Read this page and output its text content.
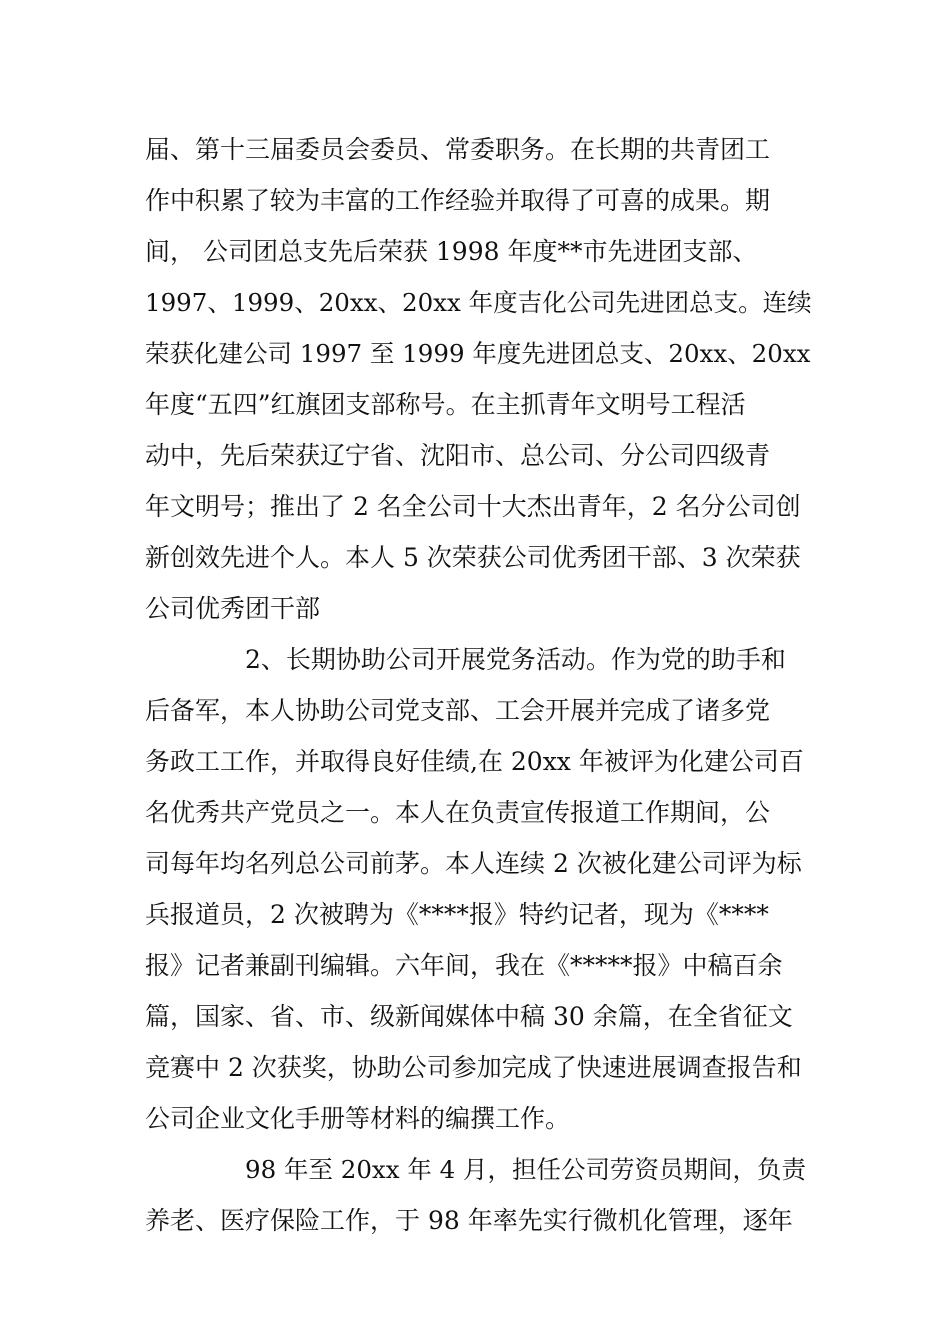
届、第十三届委员会委员、常委职务。在长期的共青团工
作中积累了较为丰富的工作经验并取得了可喜的成果。期
间， 公司团总支先后荣获 1998 年度**市先进团支部、
1997、1999、20xx、20xx 年度吉化公司先进团总支。连续
荣获化建公司 1997 至 1999 年度先进团总支、20xx、20xx
年度“五四”红旗团支部称号。在主抓青年文明号工程活
动中，先后荣获辽宁省、沈阳市、总公司、分公司四级青
年文明号；推出了 2 名全公司十大杰出青年，2 名分公司创
新创效先进个人。本人 5 次荣获公司优秀团干部、3 次荣获
公司优秀团干部
2、长期协助公司开展党务活动。作为党的助手和
后备军，本人协助公司党支部、工会开展并完成了诸多党
务政工工作，并取得良好佳绩,在 20xx 年被评为化建公司百
名优秀共产党员之一。本人在负责宣传报道工作期间，公
司每年均名列总公司前茅。本人连续 2 次被化建公司评为标
兵报道员，2 次被聘为《****报》特约记者，现为《****
报》记者兼副刊编辑。六年间，我在《*****报》中稿百余
篇，国家、省、市、级新闻媒体中稿 30 余篇，在全省征文
竞赛中 2 次获奖，协助公司参加完成了快速进展调查报告和
公司企业文化手册等材料的编撰工作。
98 年至 20xx 年 4 月，担任公司劳资员期间，负责
养老、医疗保险工作，于 98 年率先实行微机化管理，逐年
